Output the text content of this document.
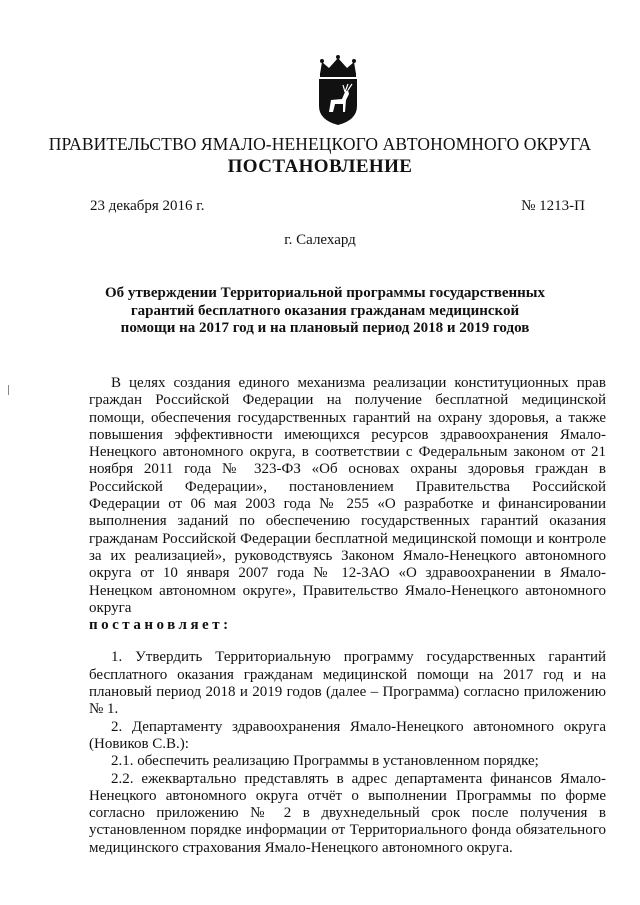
ПРАВИТЕЛЬСТВО ЯМАЛО-НЕНЕЦКОГО АВТОНОМНОГО ОКРУГА
ПОСТАНОВЛЕНИЕ
23 декабря 2016 г.	№ 1213-П
г. Салехард
Об утверждении Территориальной программы государственных
гарантий бесплатного оказания гражданам медицинской
помощи на 2017 год и на плановый период 2018 и 2019 годов

В целях создания единого механизма реализации конституционных прав граждан Российской Федерации на получение бесплатной медицинской помощи, обеспечения государственных гарантий на охрану здоровья, а также повышения эффективности имеющихся ресурсов здравоохранения Ямало-Ненецкого автономного округа, в соответствии с Федеральным законом от 21 ноября 2011 года № 323-ФЗ «Об основах охраны здоровья граждан в Российской Федерации», постановлением Правительства Российской Федерации от 06 мая 2003 года № 255 «О разработке и финансировании выполнения заданий по обеспечению государственных гарантий оказания гражданам Российской Федерации бесплатной медицинской помощи и контроле за их реализацией», руководствуясь Законом Ямало-Ненецкого автономного округа от 10 января 2007 года № 12-ЗАО «О здравоохранении в Ямало-Ненецком автономном округе», Правительство Ямало-Ненецкого автономного округа

постановляет:

1. Утвердить Территориальную программу государственных гарантий бесплатного оказания гражданам медицинской помощи на 2017 год и на плановый период 2018 и 2019 годов (далее – Программа) согласно приложению № 1.

2. Департаменту здравоохранения Ямало-Ненецкого автономного округа (Новиков С.В.):

2.1. обеспечить реализацию Программы в установленном порядке;

2.2. ежеквартально представлять в адрес департамента финансов Ямало-Ненецкого автономного округа отчёт о выполнении Программы по форме согласно приложению № 2 в двухнедельный срок после получения в установленном порядке информации от Территориального фонда обязательного медицинского страхования Ямало-Ненецкого автономного округа.
